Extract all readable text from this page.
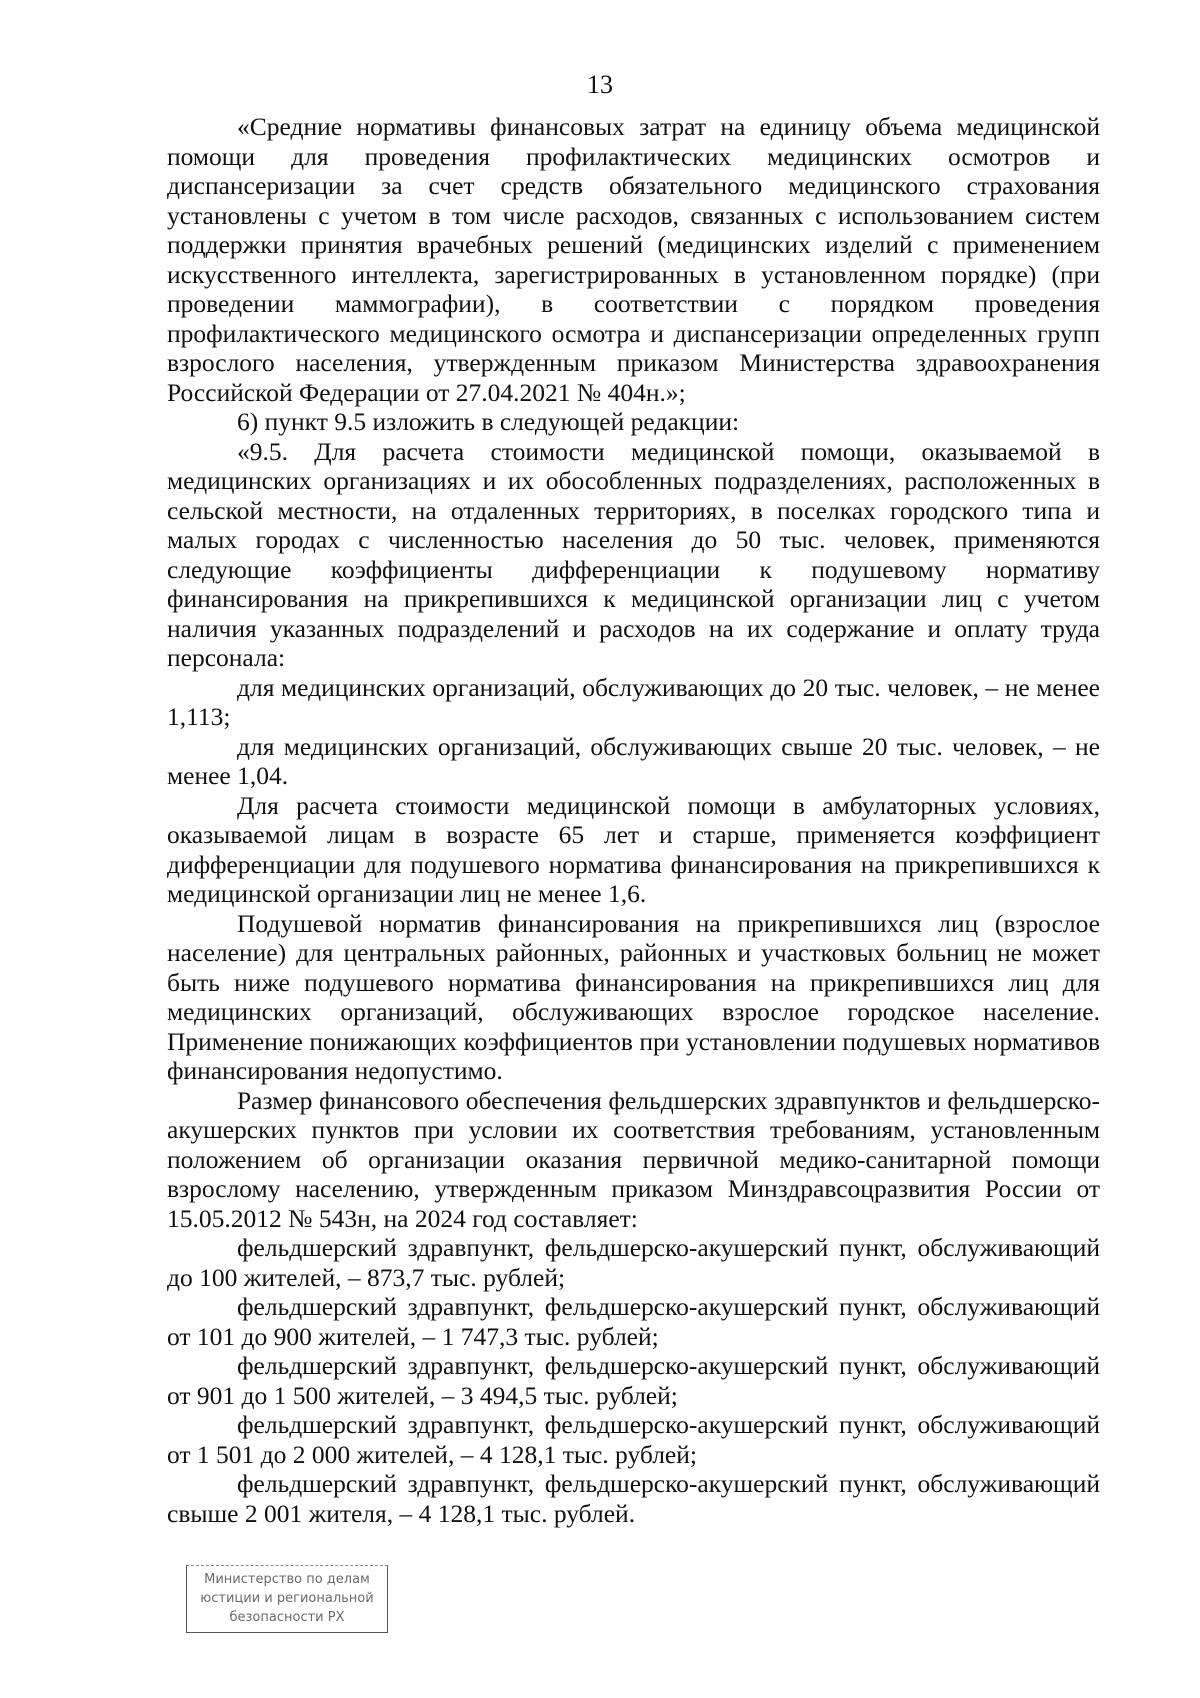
13

«Средние нормативы финансовых затрат на единицу объема медицинской помощи для проведения профилактических медицинских осмотров и диспансеризации за счет средств обязательного медицинского страхования установлены с учетом в том числе расходов, связанных с использованием систем поддержки принятия врачебных решений (медицинских изделий с применением искусственного интеллекта, зарегистрированных в установленном порядке) (при проведении маммографии), в соответствии с порядком проведения профилактического медицинского осмотра и диспансеризации определенных групп взрослого населения, утвержденным приказом Министерства здравоохранения Российской Федерации от 27.04.2021 № 404н.»;

6) пункт 9.5 изложить в следующей редакции:

«9.5. Для расчета стоимости медицинской помощи, оказываемой в медицинских организациях и их обособленных подразделениях, расположенных в сельской местности, на отдаленных территориях, в поселках городского типа и малых городах с численностью населения до 50 тыс. человек, применяются следующие коэффициенты дифференциации к подушевому нормативу финансирования на прикрепившихся к медицинской организации лиц с учетом наличия указанных подразделений и расходов на их содержание и оплату труда персонала:

для медицинских организаций, обслуживающих до 20 тыс. человек, – не менее 1,113;

для медицинских организаций, обслуживающих свыше 20 тыс. человек, – не менее 1,04.

Для расчета стоимости медицинской помощи в амбулаторных условиях, оказываемой лицам в возрасте 65 лет и старше, применяется коэффициент дифференциации для подушевого норматива финансирования на прикрепившихся к медицинской организации лиц не менее 1,6.

Подушевой норматив финансирования на прикрепившихся лиц (взрослое население) для центральных районных, районных и участковых больниц не может быть ниже подушевого норматива финансирования на прикрепившихся лиц для медицинских организаций, обслуживающих взрослое городское население. Применение понижающих коэффициентов при установлении подушевых нормативов финансирования недопустимо.

Размер финансового обеспечения фельдшерских здравпунктов и фельдшерско-акушерских пунктов при условии их соответствия требованиям, установленным положением об организации оказания первичной медико-санитарной помощи взрослому населению, утвержденным приказом Минздравсоцразвития России от 15.05.2012 № 543н, на 2024 год составляет:

фельдшерский здравпункт, фельдшерско-акушерский пункт, обслуживающий до 100 жителей, – 873,7 тыс. рублей;

фельдшерский здравпункт, фельдшерско-акушерский пункт, обслуживающий от 101 до 900 жителей, – 1 747,3 тыс. рублей;

фельдшерский здравпункт, фельдшерско-акушерский пункт, обслуживающий от 901 до 1 500 жителей, – 3 494,5 тыс. рублей;

фельдшерский здравпункт, фельдшерско-акушерский пункт, обслуживающий от 1 501 до 2 000 жителей, – 4 128,1 тыс. рублей;

фельдшерский здравпункт, фельдшерско-акушерский пункт, обслуживающий свыше 2 001 жителя, – 4 128,1 тыс. рублей.

Министерство по делам
юстиции и региональной
безопасности РХ
